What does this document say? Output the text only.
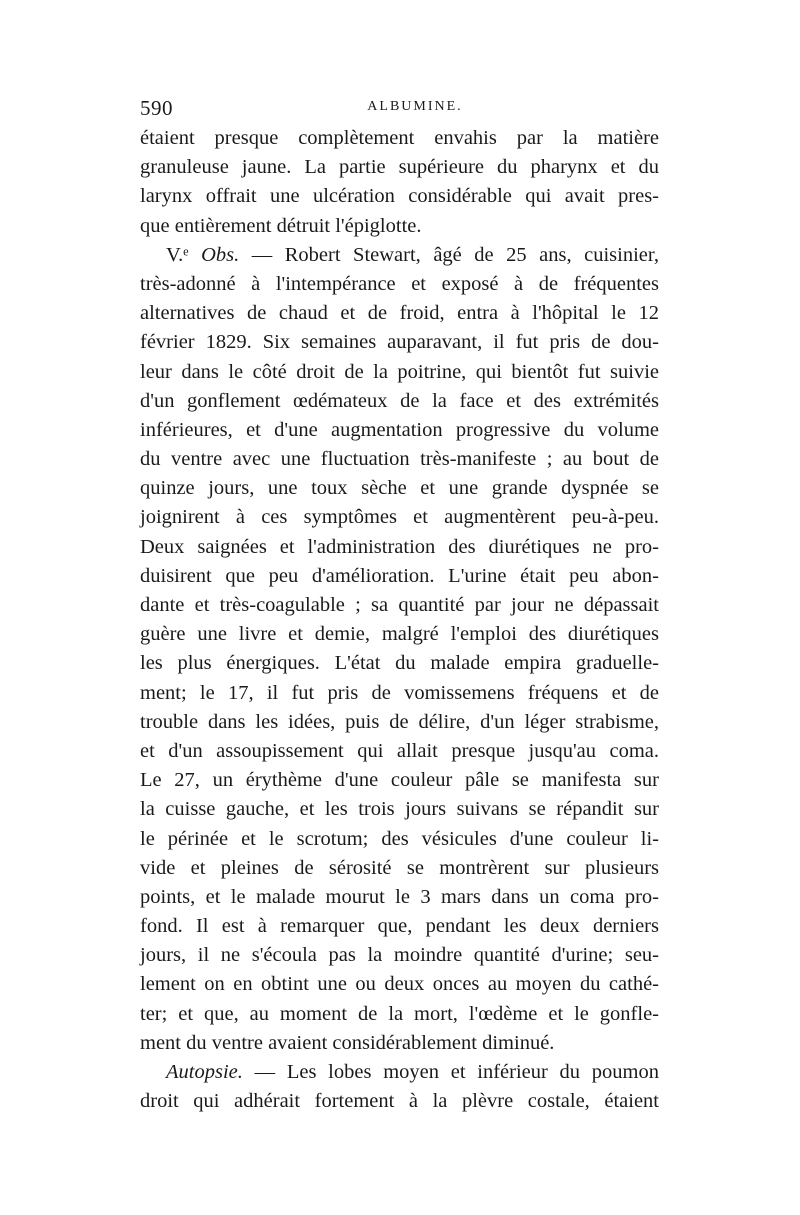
590	ALBUMINE.
étaient presque complètement envahis par la matière
granuleuse jaune. La partie supérieure du pharynx et du
larynx offrait une ulcération considérable qui avait pres-
que entièrement détruit l'épiglotte.
V.ᵉ Obs. — Robert Stewart, âgé de 25 ans, cuisinier,
très-adonné à l'intempérance et exposé à de fréquentes
alternatives de chaud et de froid, entra à l'hôpital le 12
février 1829. Six semaines auparavant, il fut pris de dou-
leur dans le côté droit de la poitrine, qui bientôt fut suivie
d'un gonflement œdémateux de la face et des extrémités
inférieures, et d'une augmentation progressive du volume
du ventre avec une fluctuation très-manifeste ; au bout de
quinze jours, une toux sèche et une grande dyspnée se
joignirent à ces symptômes et augmentèrent peu-à-peu.
Deux saignées et l'administration des diurétiques ne pro-
duisirent que peu d'amélioration. L'urine était peu abon-
dante et très-coagulable ; sa quantité par jour ne dépassait
guère une livre et demie, malgré l'emploi des diurétiques
les plus énergiques. L'état du malade empira graduelle-
ment; le 17, il fut pris de vomissemens fréquens et de
trouble dans les idées, puis de délire, d'un léger strabisme,
et d'un assoupissement qui allait presque jusqu'au coma.
Le 27, un érythème d'une couleur pâle se manifesta sur
la cuisse gauche, et les trois jours suivans se répandit sur
le périnée et le scrotum; des vésicules d'une couleur li-
vide et pleines de sérosité se montrèrent sur plusieurs
points, et le malade mourut le 3 mars dans un coma pro-
fond. Il est à remarquer que, pendant les deux derniers
jours, il ne s'écoula pas la moindre quantité d'urine; seu-
lement on en obtint une ou deux onces au moyen du cathé-
ter; et que, au moment de la mort, l'œdème et le gonfle-
ment du ventre avaient considérablement diminué.
Autopsie. — Les lobes moyen et inférieur du poumon
droit qui adhérait fortement à la plèvre costale, étaient
